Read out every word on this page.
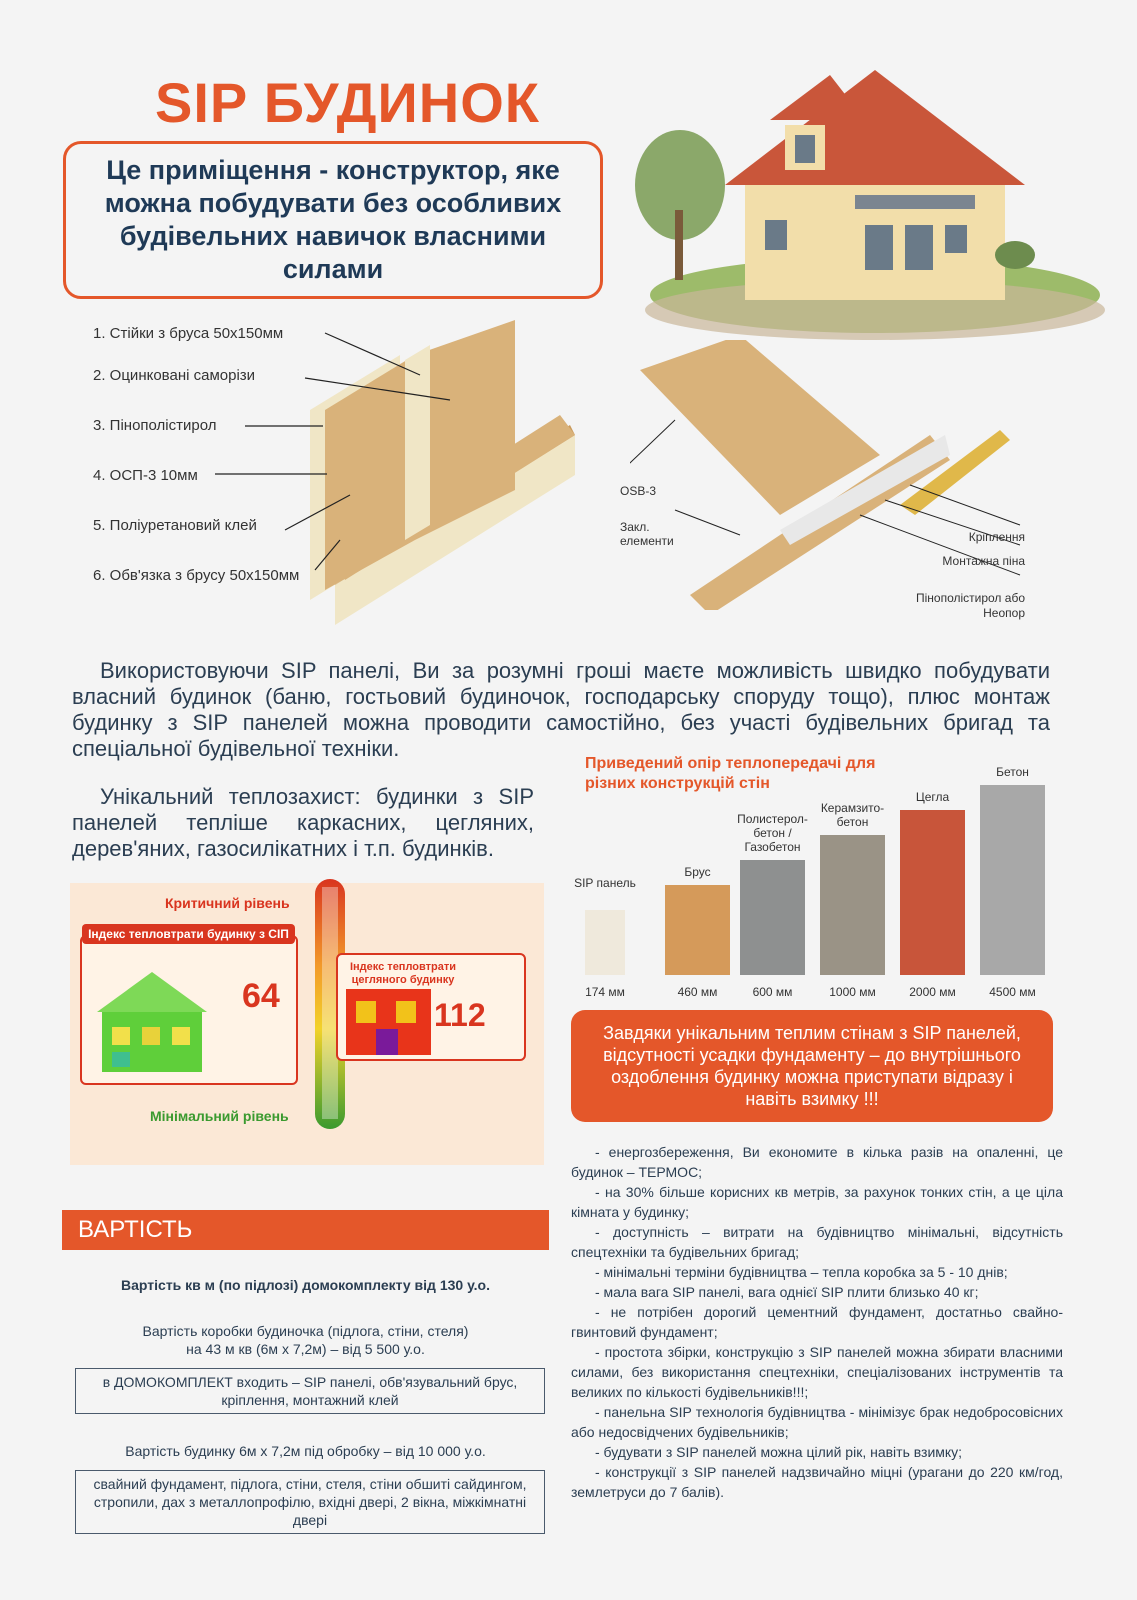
SIP БУДИНОК
Це приміщення - конструктор, яке можна побудувати без особливих будівельних навичок власними силами
1. Стійки з бруса 50х150мм
2. Оцинковані саморізи
3. Пінополістирол
4. ОСП-3 10мм
5. Поліуретановий клей
6. Обв'язка з брусу 50х150мм
OSB-3
Закл. елементи	Кріплення
Монтажна піна
Пінополістирол або Неопор
Використовуючи SIP панелі, Ви за розумні гроші маєте можливість швидко побудувати власний будинок (баню, гостьовий будиночок, господарську споруду тощо), плюс монтаж будинку з SIP панелей можна проводити самостійно, без участі будівельних бригад та спеціальної будівельної техніки.
Унікальний теплозахист: будинки з SIP панелей тепліше каркасних, цегляних, дерев'яних, газосилікатних і т.п. будинків.
Критичний рівень
Мінімальний рівень
Індекс тепловтрати будинку з СІП
64
Індекс тепловтрати цегляного будинку
112
Приведений опір теплопередачі для різних конструкцій стін
SIP панель
174 мм
Брус
460 мм
Полистерол-бетон / Газобетон
600 мм
Керамзито-бетон
1000 мм
Цегла
2000 мм
Бетон
4500 мм
Завдяки унікальним теплим стінам з SIP панелей, відсутності усадки фундаменту – до внутрішнього оздоблення будинку можна приступати відразу і навіть взимку !!!

- енергозбереження, Ви економите в кілька разів на опаленні, це будинок – ТЕРМОС;

- на 30% більше корисних кв метрів, за рахунок тонких стін, а це ціла кімната у будинку;

- доступність – витрати на будівництво мінімальні, відсутність спецтехніки та будівельних бригад;

- мінімальні терміни будівництва – тепла коробка за 5 - 10 днів;

- мала вага SIP панелі, вага однієї SIP плити близько 40 кг;

- не потрібен дорогий цементний фундамент, достатньо свайно-гвинтовий фундамент;

- простота збірки, конструкцію з SIP панелей можна збирати власними силами, без використання спецтехніки, спеціалізованих інструментів та великих по кількості будівельників!!!;

- панельна SIP технологія будівництва - мінімізує брак недобросовісних або недосвідчених будівельників;

- будувати з SIP панелей можна цілий рік, навіть взимку;

- конструкції з SIP панелей надзвичайно міцні (урагани до 220 км/год, землетруси до 7 балів).

ВАРТІСТЬ
Вартість кв м (по підлозі) домокомплекту від 130 у.о.
Вартість коробки будиночка (підлога, стіни, стеля)
на 43 м кв (6м х 7,2м) – від 5 500 у.о.
в ДОМОКОМПЛЕКТ входить – SIP панелі, обв'язувальний брус, кріплення, монтажний клей
Вартість будинку 6м х 7,2м під обробку – від 10 000 у.о.
свайний фундамент, підлога, стіни, стеля, стіни обшиті сайдингом, стропили, дах з металлопрофілю, вхідні двері, 2 вікна, міжкімнатні двері
